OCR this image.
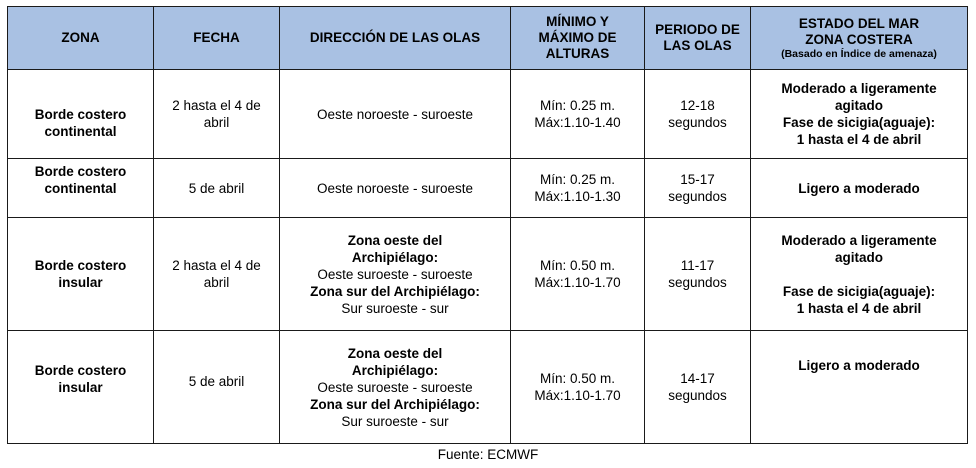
ZONA	FECHA	DIRECCIÓN DE LAS OLAS	MÍNIMO Y
MÁXIMO DE
ALTURAS	PERIODO DE
LAS OLAS	ESTADO DEL MAR
ZONA COSTERA
(Basado en Índice de amenaza)

Borde costero
continental	2 hasta el 4 de
abril	Oeste noroeste - suroeste	Mín: 0.25 m.
Máx:1.10-1.40	12-18
segundos	Moderado a ligeramente
agitado
Fase de sicigia(aguaje):
1 hasta el 4 de abril

Borde costero
continental	5 de abril	Oeste noroeste - suroeste	Mín: 0.25 m.
Máx:1.10-1.30	15-17
segundos	Ligero a moderado

Borde costero
insular	2 hasta el 4 de
abril	Zona oeste del
Archipiélago:
Oeste suroeste - suroeste
Zona sur del Archipiélago:
Sur suroeste - sur	Mín: 0.50 m.
Máx:1.10-1.70	11-17
segundos	Moderado a ligeramente
agitado
Fase de sicigia(aguaje):
1 hasta el 4 de abril

Borde costero
insular	5 de abril	Zona oeste del
Archipiélago:
Oeste suroeste - suroeste
Zona sur del Archipiélago:
Sur suroeste - sur	Mín: 0.50 m.
Máx:1.10-1.70	14-17
segundos	Ligero a moderado
Fuente: ECMWF
